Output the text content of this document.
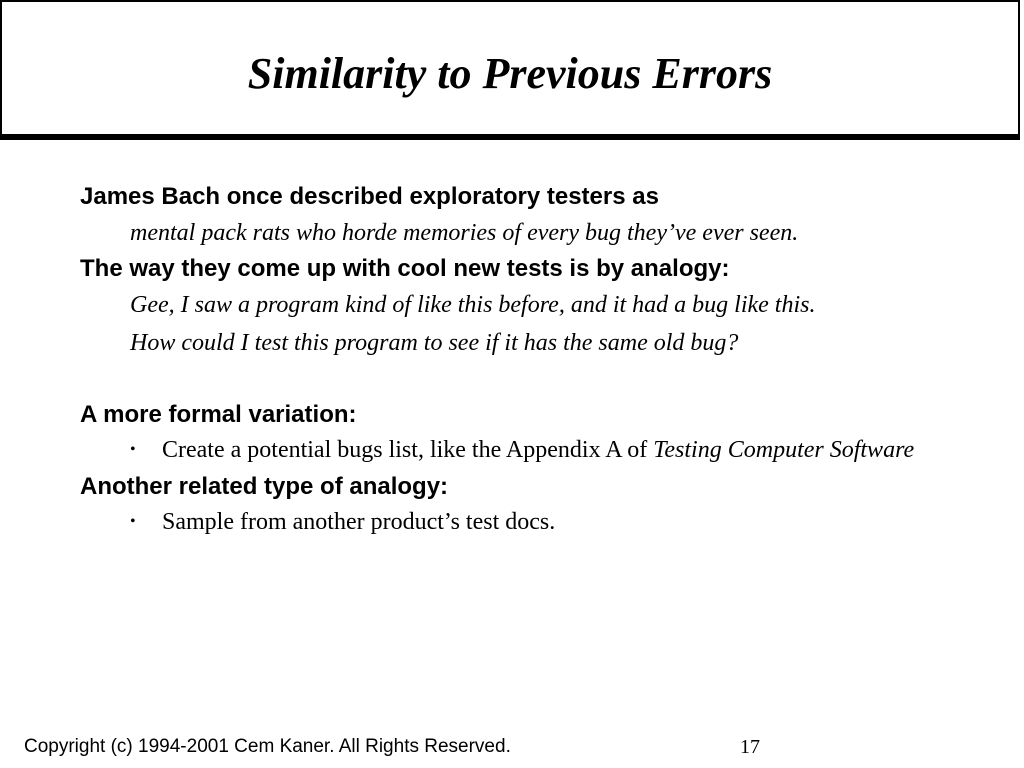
Similarity to Previous Errors

James Bach once described exploratory testers as

mental pack rats who horde memories of every bug they’ve ever seen.

The way they come up with cool new tests is by analogy:

Gee, I saw a program kind of like this before, and it had a bug like this.

How could I test this program to see if it has the same old bug?

A more formal variation:

•	Create a potential bugs list, like the Appendix A of Testing Computer Software

Another related type of analogy:

•	Sample from another product’s test docs.
Copyright (c) 1994-2001 Cem Kaner. All Rights Reserved.	17
